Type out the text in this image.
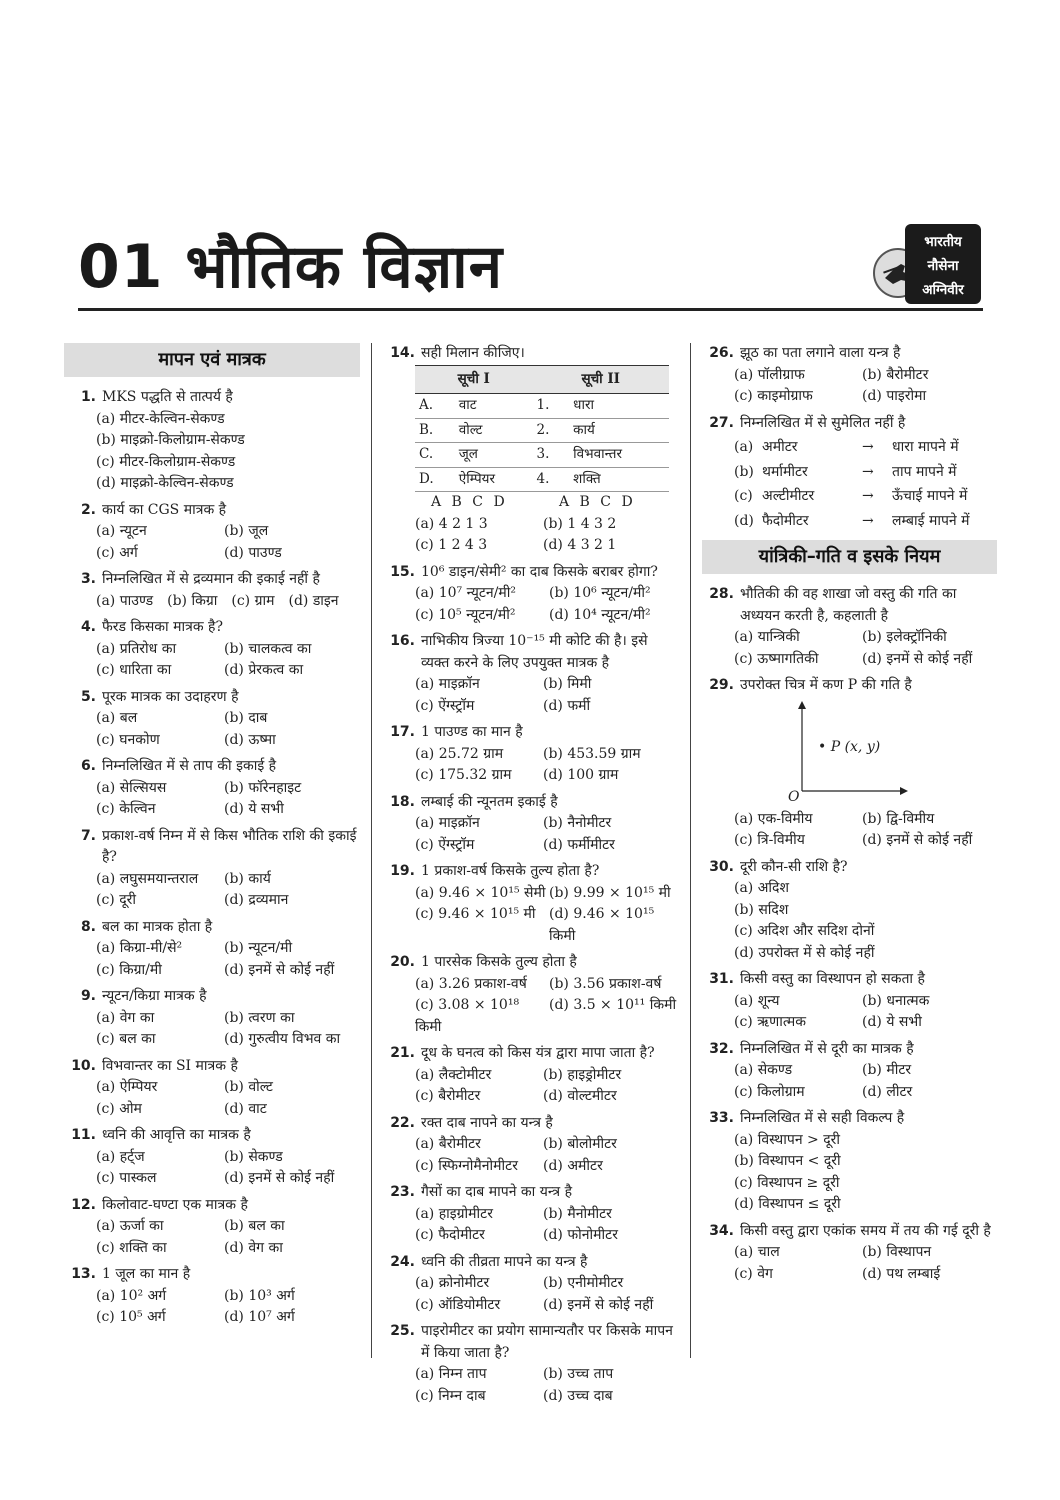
01 भौतिक विज्ञान	भारतीय
नौसेना
अग्निवीर
मापन एवं मात्रक
1. MKS पद्धति से तात्पर्य है
(a) मीटर-केल्विन-सेकण्ड
(b) माइक्रो-किलोग्राम-सेकण्ड
(c) मीटर-किलोग्राम-सेकण्ड
(d) माइक्रो-केल्विन-सेकण्ड
2. कार्य का CGS मात्रक है
(a) न्यूटन	(b) जूल
(c) अर्ग	(d) पाउण्ड
3. निम्नलिखित में से द्रव्यमान की इकाई नहीं है
(a) पाउण्ड (b) किग्रा (c) ग्राम (d) डाइन
4. फैरड किसका मात्रक है?
(a) प्रतिरोध का	(b) चालकत्व का
(c) धारिता का	(d) प्रेरकत्व का
5. पूरक मात्रक का उदाहरण है
(a) बल	(b) दाब
(c) घनकोण	(d) ऊष्मा
6. निम्नलिखित में से ताप की इकाई है
(a) सेल्सियस	(b) फॉरेनहाइट
(c) केल्विन	(d) ये सभी
7. प्रकाश-वर्ष निम्न में से किस भौतिक राशि की इकाई है?
(a) लघुसमयान्तराल	(b) कार्य
(c) दूरी	(d) द्रव्यमान
8. बल का मात्रक होता है
(a) किग्रा-मी/से²	(b) न्यूटन/मी
(c) किग्रा/मी	(d) इनमें से कोई नहीं
9. न्यूटन/किग्रा मात्रक है
(a) वेग का	(b) त्वरण का
(c) बल का	(d) गुरुत्वीय विभव का
10. विभवान्तर का SI मात्रक है
(a) ऐम्पियर	(b) वोल्ट
(c) ओम	(d) वाट
11. ध्वनि की आवृत्ति का मात्रक है
(a) हर्ट्ज	(b) सेकण्ड
(c) पास्कल	(d) इनमें से कोई नहीं
12. किलोवाट-घण्टा एक मात्रक है
(a) ऊर्जा का	(b) बल का
(c) शक्ति का	(d) वेग का
13. 1 जूल का मान है
(a) 10² अर्ग	(b) 10³ अर्ग
(c) 10⁵ अर्ग	(d) 10⁷ अर्ग
14. सही मिलान कीजिए।
सूची I		सूची II	
A.	वाट	1.	धारा
B.	वोल्ट	2.	कार्य
C.	जूल	3.	विभवान्तर
D.	ऐम्पियर	4.	शक्ति
A B C D	A B C D
(a) 4 2 1 3	(b) 1 4 3 2
(c) 1 2 4 3	(d) 4 3 2 1
15. 10⁶ डाइन/सेमी² का दाब किसके बराबर होगा?
(a) 10⁷ न्यूटन/मी²	(b) 10⁶ न्यूटन/मी²
(c) 10⁵ न्यूटन/मी²	(d) 10⁴ न्यूटन/मी²
16. नाभिकीय त्रिज्या 10⁻¹⁵ मी कोटि की है। इसे व्यक्त करने के लिए उपयुक्त मात्रक है
(a) माइक्रॉन	(b) मिमी
(c) ऐंग्स्ट्रॉम	(d) फर्मी
17. 1 पाउण्ड का मान है
(a) 25.72 ग्राम	(b) 453.59 ग्राम
(c) 175.32 ग्राम	(d) 100 ग्राम
18. लम्बाई की न्यूनतम इकाई है
(a) माइक्रॉन	(b) नैनोमीटर
(c) ऐंग्स्ट्रॉम	(d) फर्मीमीटर
19. 1 प्रकाश-वर्ष किसके तुल्य होता है?
(a) 9.46 × 10¹⁵ सेमी (b) 9.99 × 10¹⁵ मी
(c) 9.46 × 10¹⁵ मी (d) 9.46 × 10¹⁵ किमी
20. 1 पारसेक किसके तुल्य होता है
(a) 3.26 प्रकाश-वर्ष	(b) 3.56 प्रकाश-वर्ष
(c) 3.08 × 10¹⁸ किमी
(d) 3.5 × 10¹¹ किमी
21. दूध के घनत्व को किस यंत्र द्वारा मापा जाता है?
(a) लैक्टोमीटर	(b) हाइड्रोमीटर
(c) बैरोमीटर	(d) वोल्टमीटर
22. रक्त दाब नापने का यन्त्र है
(a) बैरोमीटर	(b) बोलोमीटर
(c) स्फिग्नोमैनोमीटर	(d) अमीटर
23. गैसों का दाब मापने का यन्त्र है
(a) हाइग्रोमीटर	(b) मैनोमीटर
(c) फैदोमीटर	(d) फोनोमीटर
24. ध्वनि की तीव्रता मापने का यन्त्र है
(a) क्रोनोमीटर	(b) एनीमोमीटर
(c) ऑडियोमीटर	(d) इनमें से कोई नहीं
25. पाइरोमीटर का प्रयोग सामान्यतौर पर किसके मापन में किया जाता है?
(a) निम्न ताप	(b) उच्च ताप
(c) निम्न दाब	(d) उच्च दाब
26. झूठ का पता लगाने वाला यन्त्र है
(a) पॉलीग्राफ	(b) बैरोमीटर
(c) काइमोग्राफ	(d) पाइरोमा
27. निम्नलिखित में से सुमेलित नहीं है
(a) अमीटर	→	धारा मापने में
(b) थर्मामीटर	→	ताप मापने में
(c) अल्टीमीटर	→	ऊँचाई मापने में
(d) फैदोमीटर	→	लम्बाई मापने में
यांत्रिकी–गति व इसके नियम
28. भौतिकी की वह शाखा जो वस्तु की गति का अध्ययन करती है, कहलाती है
(a) यान्त्रिकी	(b) इलेक्ट्रॉनिकी
(c) ऊष्मागतिकी	(d) इनमें से कोई नहीं
29. उपरोक्त चित्र में कण P की गति है
• P (x, y)
O
(a) एक-विमीय	(b) द्वि-विमीय
(c) त्रि-विमीय	(d) इनमें से कोई नहीं
30. दूरी कौन-सी राशि है?
(a) अदिश
(b) सदिश
(c) अदिश और सदिश दोनों
(d) उपरोक्त में से कोई नहीं
31. किसी वस्तु का विस्थापन हो सकता है
(a) शून्य	(b) धनात्मक
(c) ऋणात्मक	(d) ये सभी
32. निम्नलिखित में से दूरी का मात्रक है
(a) सेकण्ड	(b) मीटर
(c) किलोग्राम	(d) लीटर
33. निम्नलिखित में से सही विकल्प है
(a) विस्थापन > दूरी
(b) विस्थापन < दूरी
(c) विस्थापन ≥ दूरी
(d) विस्थापन ≤ दूरी
34. किसी वस्तु द्वारा एकांक समय में तय की गई दूरी है
(a) चाल	(b) विस्थापन
(c) वेग	(d) पथ लम्बाई
